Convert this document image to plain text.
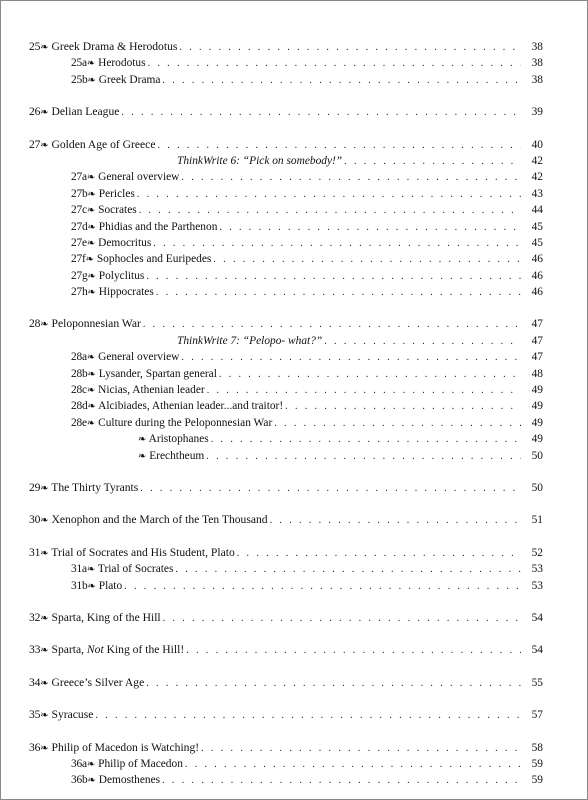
25❧ Greek Drama & Herodotus . . .	38
25a❧ Herodotus . . .	38
25b❧ Greek Drama . . .	38
26❧ Delian League . . .	39
27❧ Golden Age of Greece . . .	40
ThinkWrite 6: “Pick on somebody!” . . .	42
27a❧ General overview . . .	42
27b❧ Pericles . . .	43
27c❧ Socrates . . .	44
27d❧ Phidias and the Parthenon . . .	45
27e❧ Democritus . . .	45
27f❧ Sophocles and Euripedes . . .	46
27g❧ Polyclitus . . .	46
27h❧ Hippocrates . . .	46
28❧ Peloponnesian War . . .	47
ThinkWrite 7: “Pelopo- what?” . . .	47
28a❧ General overview . . .	47
28b❧ Lysander, Spartan general . . .	48
28c❧ Nicias, Athenian leader . . .	49
28d❧ Alcibiades, Athenian leader...and traitor! . . .	49
28e❧ Culture during the Peloponnesian War . . .	49
❧ Aristophanes . . .	49
❧ Erechtheum . . .	50
29❧ The Thirty Tyrants . . .	50
30❧ Xenophon and the March of the Ten Thousand . . .	51
31❧ Trial of Socrates and His Student, Plato . . .	52
31a❧ Trial of Socrates . . .	53
31b❧ Plato . . .	53
32❧ Sparta, King of the Hill . . .	54
33❧ Sparta, Not King of the Hill! . . .	54
34❧ Greece’s Silver Age . . .	55
35❧ Syracuse . . .	57
36❧ Philip of Macedon is Watching! . . .	58
36a❧ Philip of Macedon . . .	59
36b❧ Demosthenes . . .	59
